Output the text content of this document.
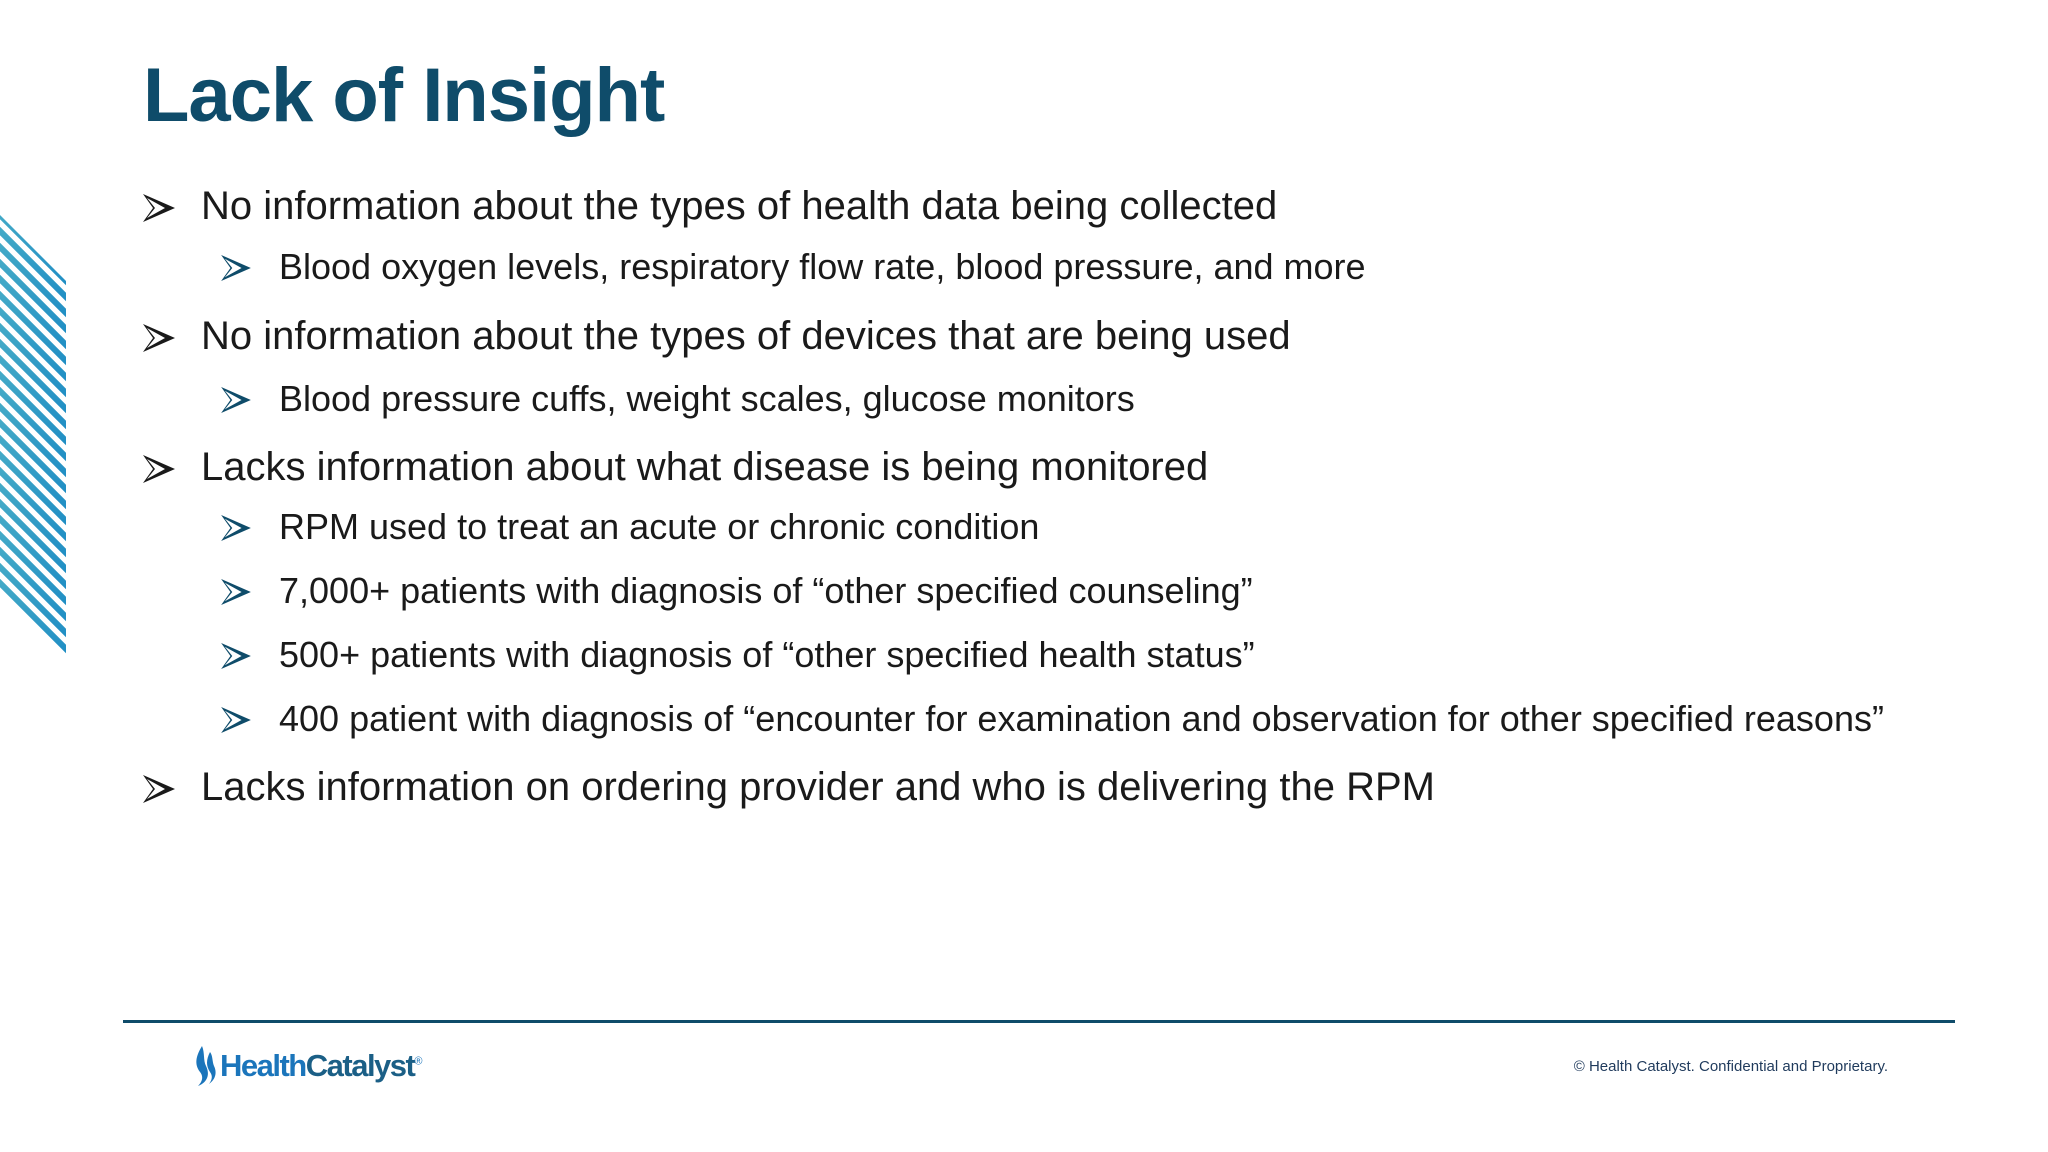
Lack of Insight
No information about the types of health data being collected
Blood oxygen levels, respiratory flow rate, blood pressure, and more
No information about the types of devices that are being used
Blood pressure cuffs, weight scales, glucose monitors
Lacks information about what disease is being monitored
RPM used to treat an acute or chronic condition
7,000+ patients with diagnosis of “other specified counseling”
500+ patients with diagnosis of “other specified health status”
400 patient with diagnosis of “encounter for examination and observation for other specified reasons”
Lacks information on ordering provider and who is delivering the RPM
HealthCatalyst®	© Health Catalyst. Confidential and Proprietary.
